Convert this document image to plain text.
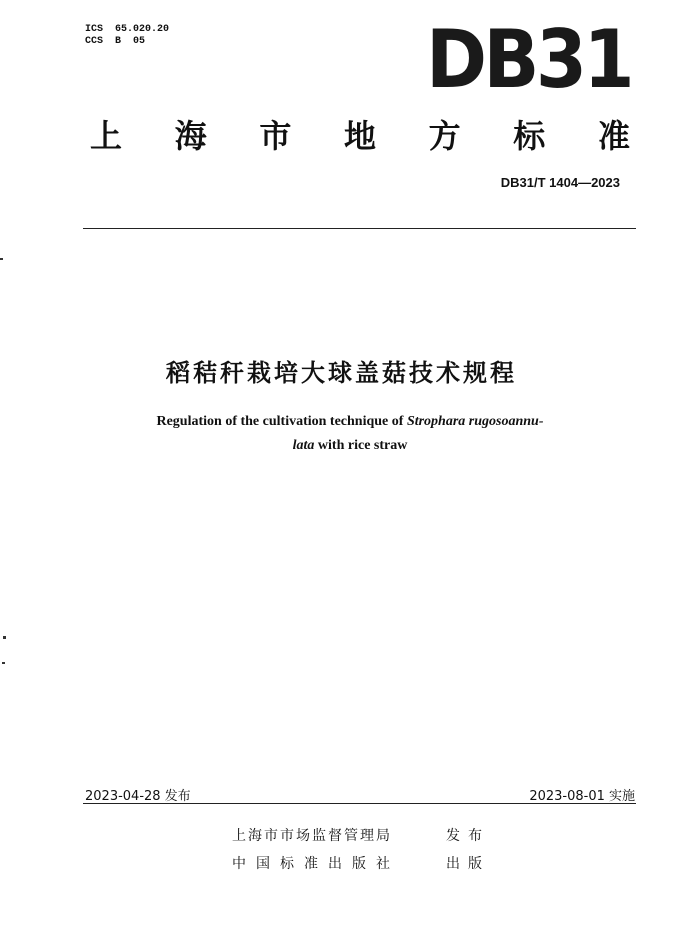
ICS  65.020.20
CCS  B  05	DB31
上 海 市 地 方 标 准
DB31/T 1404—2023
稻秸秆栽培大球盖菇技术规程
Regulation of the cultivation technique of Strophara rugosoannu-
lata with rice straw
2023-04-28 发布	2023-08-01 实施
上海市市场监督管理局	发布
中国标准出版社	出版
